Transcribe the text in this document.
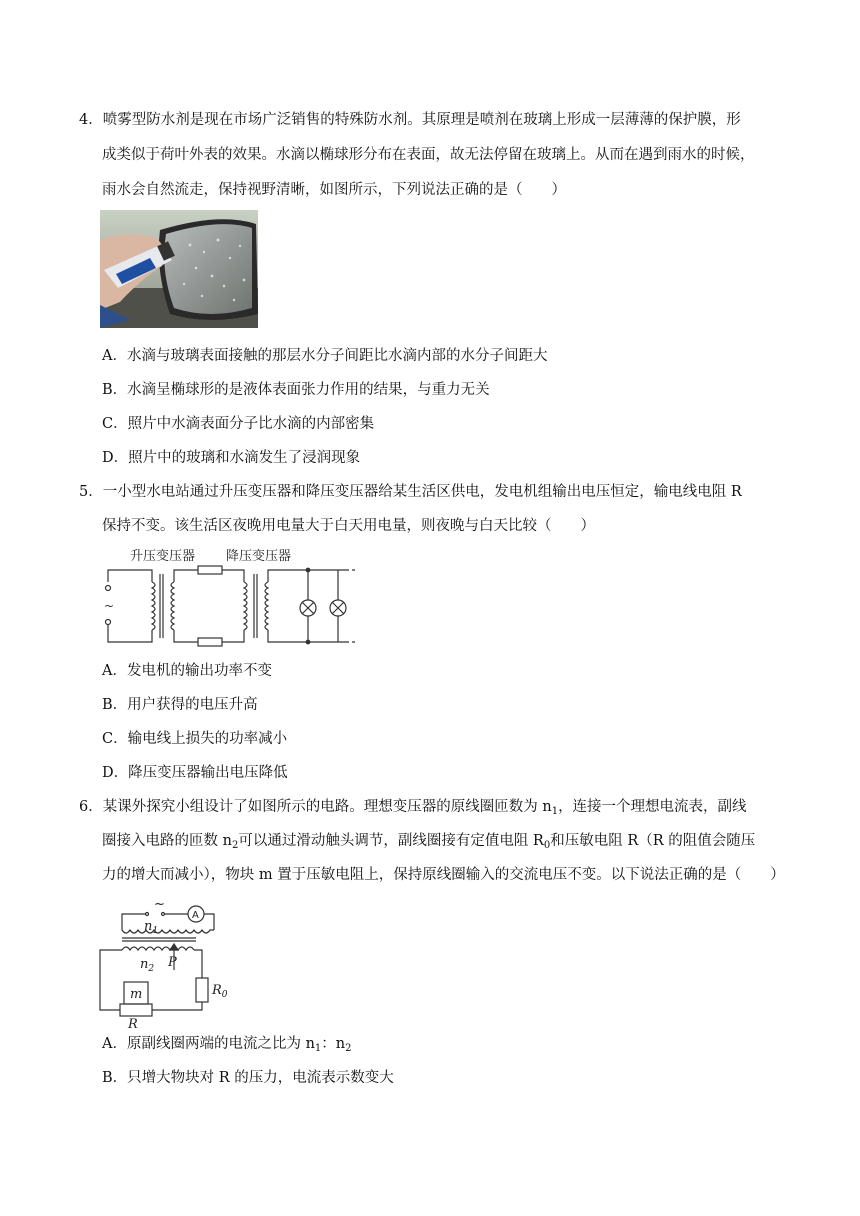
4．喷雾型防水剂是现在市场广泛销售的特殊防水剂。其原理是喷剂在玻璃上形成一层薄薄的保护膜，形
成类似于荷叶外表的效果。水滴以椭球形分布在表面，故无法停留在玻璃上。从而在遇到雨水的时候，
雨水会自然流走，保持视野清晰，如图所示，下列说法正确的是（　　）
A．水滴与玻璃表面接触的那层水分子间距比水滴内部的水分子间距大
B．水滴呈椭球形的是液体表面张力作用的结果，与重力无关
C．照片中水滴表面分子比水滴的内部密集
D．照片中的玻璃和水滴发生了浸润现象
5．一小型水电站通过升压变压器和降压变压器给某生活区供电，发电机组输出电压恒定，输电线电阻 R
保持不变。该生活区夜晚用电量大于白天用电量，则夜晚与白天比较（　　）
升压变压器 降压变压器
~
A．发电机的输出功率不变
B．用户获得的电压升高
C．输电线上损失的功率减小
D．降压变压器输出电压降低
6．某课外探究小组设计了如图所示的电路。理想变压器的原线圈匝数为 $n_1$，连接一个理想电流表，副线
圈接入电路的匝数 $n_2$可以通过滑动触头调节，副线圈接有定值电阻 $R_0$和压敏电阻 R（R 的阻值会随压
力的增大而减小），物块 m 置于压敏电阻上，保持原线圈输入的交流电压不变。以下说法正确的是（　　）
~
A
$n_1$
P
$n_2$
$R_0$
m
R
A．原副线圈两端的电流之比为 $n_1$：$n_2$
B．只增大物块对 R 的压力，电流表示数变大
